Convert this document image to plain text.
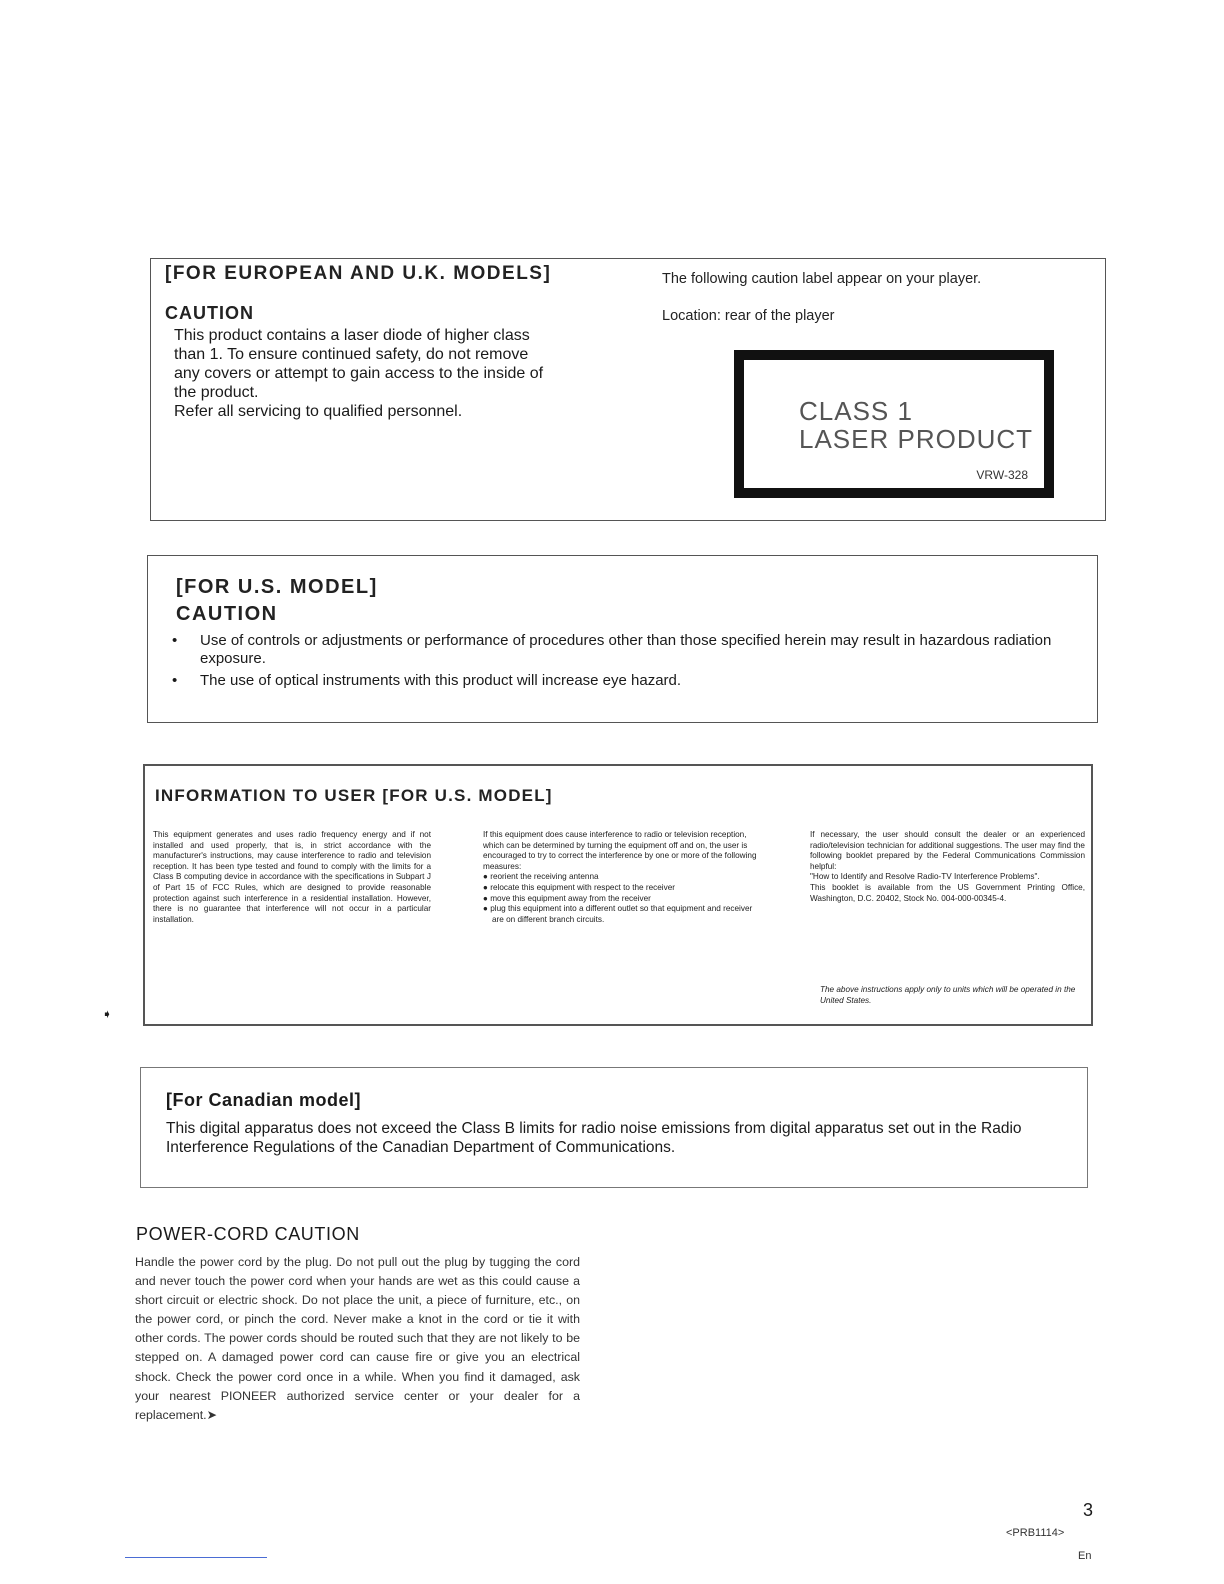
[FOR EUROPEAN AND U.K. MODELS]
CAUTION

This product contains a laser diode of higher class

than 1. To ensure continued safety, do not remove

any covers or attempt to gain access to the inside of

the product.

Refer all servicing to qualified personnel.

The following caution label appear on your player.
Location: rear of the player
CLASS 1
LASER PRODUCT
VRW-328
[FOR U.S. MODEL]
CAUTION
• Use of controls or adjustments or performance of procedures other than those specified herein may result in hazardous radiation exposure.
• The use of optical instruments with this product will increase eye hazard.
INFORMATION TO USER [FOR U.S. MODEL]

This equipment generates and uses radio frequency energy and if not installed and used properly, that is, in strict accordance with the manufacturer's instructions, may cause interference to radio and television reception. It has been type tested and found to comply with the limits for a Class B computing device in accordance with the specifications in Subpart J of Part 15 of FCC Rules, which are designed to provide reasonable protection against such interference in a residential installation. However, there is no guarantee that interference will not occur in a particular installation.

If this equipment does cause interference to radio or television reception, which can be determined by turning the equipment off and on, the user is encouraged to try to correct the interference by one or more of the following measures:

● reorient the receiving antenna

● relocate this equipment with respect to the receiver

● move this equipment away from the receiver

● plug this equipment into a different outlet so that equipment and receiver are on different branch circuits.

If necessary, the user should consult the dealer or an experienced radio/television technician for additional suggestions. The user may find the following booklet prepared by the Federal Communications Commission helpful:

"How to Identify and Resolve Radio-TV Interference Problems".

This booklet is available from the US Government Printing Office, Washington, D.C. 20402, Stock No. 004-000-00345-4.

The above instructions apply only to units which will be operated in the United States.
➧
[For Canadian model]
This digital apparatus does not exceed the Class B limits for radio noise emissions from digital apparatus set out in the Radio Interference Regulations of the Canadian Department of Communications.
POWER-CORD CAUTION
Handle the power cord by the plug. Do not pull out the plug by tugging the cord and never touch the power cord when your hands are wet as this could cause a short circuit or electric shock. Do not place the unit, a piece of furniture, etc., on the power cord, or pinch the cord. Never make a knot in the cord or tie it with other cords. The power cords should be routed such that they are not likely to be stepped on. A damaged power cord can cause fire or give you an electrical shock. Check the power cord once in a while. When you find it damaged, ask your nearest PIONEER authorized service center or your dealer for a replacement.➤
3
<PRB1114>
En
